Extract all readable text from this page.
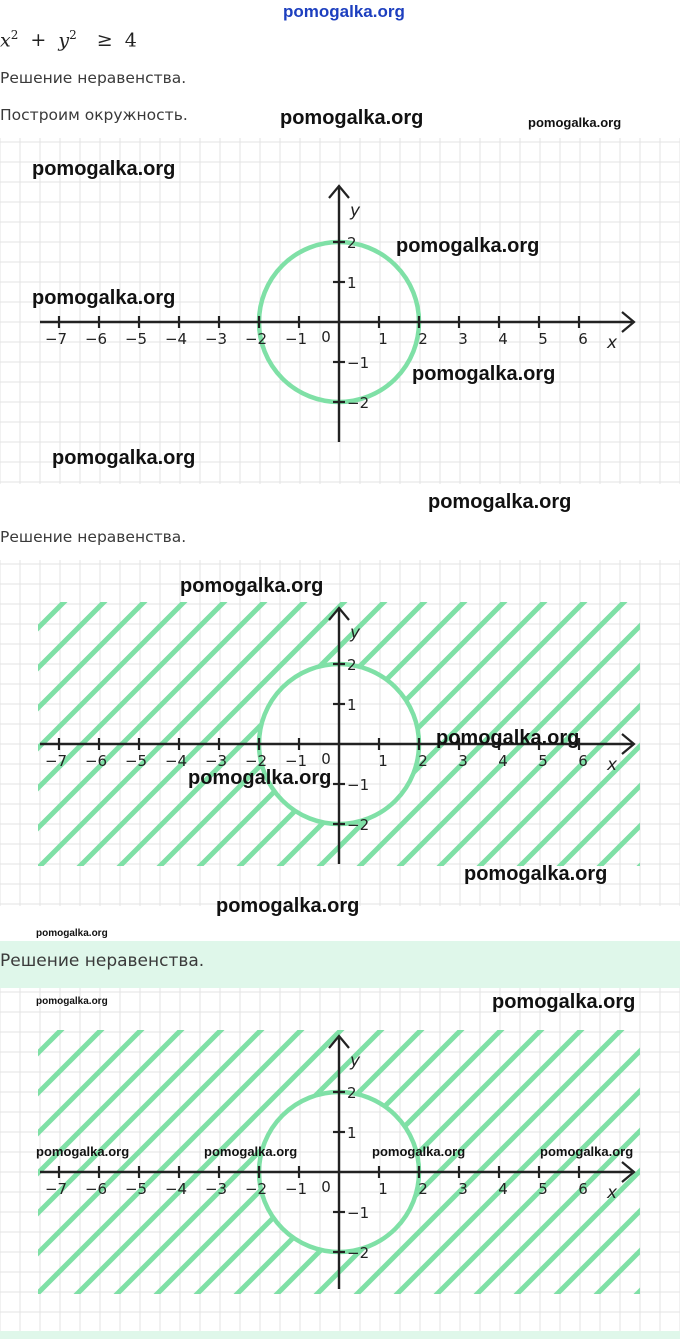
pomogalka.org
$x^2 + y^2 \ge 4$
Решение неравенства.
Построим окружность.
−7 −6 −5 −4 −3 −2 −1	1 2 3 4 5 6
2
1
−1
−2
0	x
y
Решение неравенства.
−7 −6 −5 −4 −3 −2 −1	1 2 3 4 5 6
2
1
−1
−2
0	x
y
Решение неравенства.
−7 −6 −5 −4 −3 −2 −1	1 2 3 4 5 6
2
1
−1
−2
0	x
y
pomogalka.org	pomogalka.org
pomogalka.org
pomogalka.org
pomogalka.org
pomogalka.org
pomogalka.org
pomogalka.org
pomogalka.org
pomogalka.org
pomogalka.org
pomogalka.org
pomogalka.org
pomogalka.org
pomogalka.org	pomogalka.org
pomogalka.org	pomogalka.org	pomogalka.org	pomogalka.org
